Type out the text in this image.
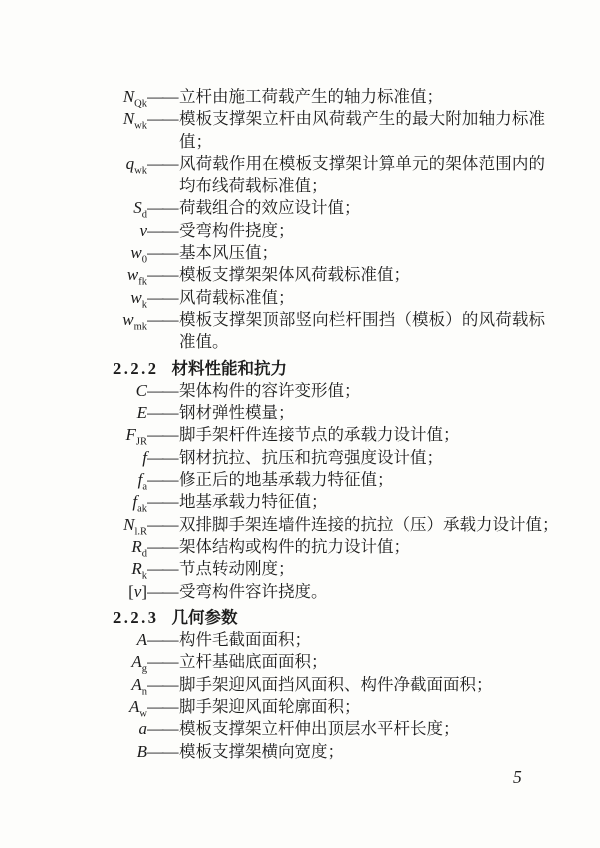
$N_{Qk}$ —— 立杆由施工荷载产生的轴力标准值；
$N_{wk}$ —— 模板支撑架立杆由风荷载产生的最大附加轴力标准值；
$q_{wk}$ —— 风荷载作用在模板支撑架计算单元的架体范围内的均布线荷载标准值；
$S_d$ —— 荷载组合的效应设计值；
v —— 受弯构件挠度；
$w_0$ —— 基本风压值；
$w_{fk}$ —— 模板支撑架架体风荷载标准值；
$w_k$ —— 风荷载标准值；
$w_{mk}$ —— 模板支撑架顶部竖向栏杆围挡（模板）的风荷载标准值。
2.2.2 材料性能和抗力
C —— 架体构件的容许变形值；
E —— 钢材弹性模量；
$F_{JR}$ —— 脚手架杆件连接节点的承载力设计值；
f —— 钢材抗拉、抗压和抗弯强度设计值；
$f_a$ —— 修正后的地基承载力特征值；
$f_{ak}$ —— 地基承载力特征值；
$N_{l.R}$ —— 双排脚手架连墙件连接的抗拉（压）承载力设计值；
$R_d$ —— 架体结构或构件的抗力设计值；
$R_k$ —— 节点转动刚度；
[v] —— 受弯构件容许挠度。
2.2.3 几何参数
A —— 构件毛截面面积；
$A_g$ —— 立杆基础底面面积；
$A_n$ —— 脚手架迎风面挡风面积、构件净截面面积；
$A_w$ —— 脚手架迎风面轮廓面积；
a —— 模板支撑架立杆伸出顶层水平杆长度；
B —— 模板支撑架横向宽度；
5
